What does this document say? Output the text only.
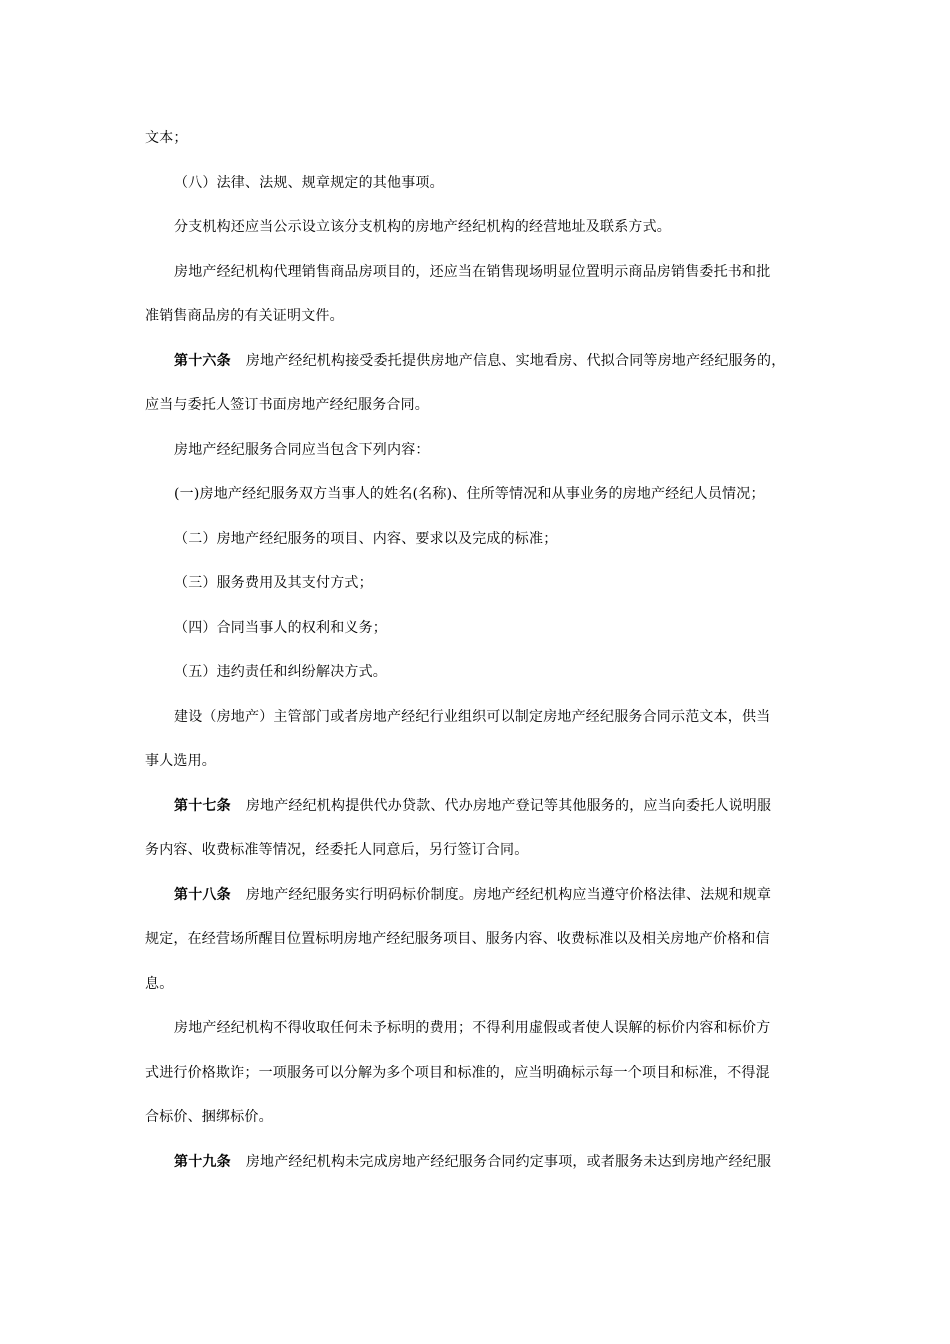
文本；
（八）法律、法规、规章规定的其他事项。
分支机构还应当公示设立该分支机构的房地产经纪机构的经营地址及联系方式。
房地产经纪机构代理销售商品房项目的，还应当在销售现场明显位置明示商品房销售委托书和批
准销售商品房的有关证明文件。
第十六条 房地产经纪机构接受委托提供房地产信息、实地看房、代拟合同等房地产经纪服务的，
应当与委托人签订书面房地产经纪服务合同。
房地产经纪服务合同应当包含下列内容：
(一)房地产经纪服务双方当事人的姓名(名称)、住所等情况和从事业务的房地产经纪人员情况；
（二）房地产经纪服务的项目、内容、要求以及完成的标准；
（三）服务费用及其支付方式；
（四）合同当事人的权利和义务；
（五）违约责任和纠纷解决方式。
建设（房地产）主管部门或者房地产经纪行业组织可以制定房地产经纪服务合同示范文本，供当
事人选用。
第十七条 房地产经纪机构提供代办贷款、代办房地产登记等其他服务的，应当向委托人说明服
务内容、收费标准等情况，经委托人同意后，另行签订合同。
第十八条 房地产经纪服务实行明码标价制度。房地产经纪机构应当遵守价格法律、法规和规章
规定，在经营场所醒目位置标明房地产经纪服务项目、服务内容、收费标准以及相关房地产价格和信
息。
房地产经纪机构不得收取任何未予标明的费用；不得利用虚假或者使人误解的标价内容和标价方
式进行价格欺诈；一项服务可以分解为多个项目和标准的，应当明确标示每一个项目和标准，不得混
合标价、捆绑标价。
第十九条 房地产经纪机构未完成房地产经纪服务合同约定事项，或者服务未达到房地产经纪服
